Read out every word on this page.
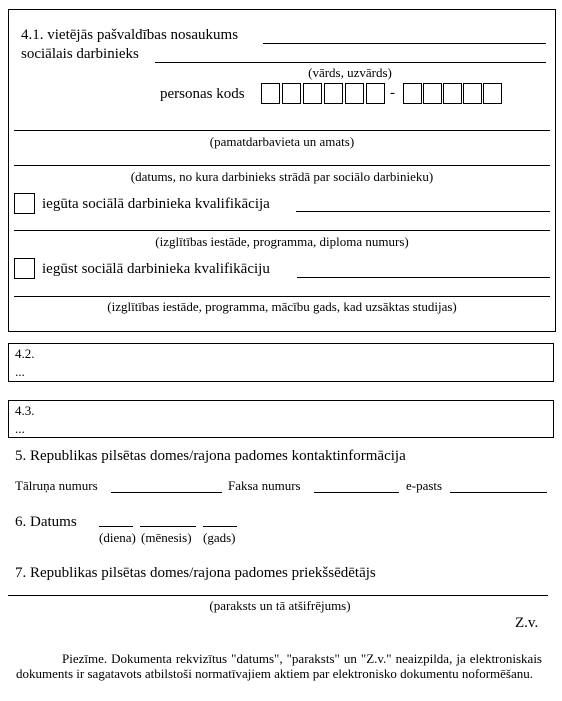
4.1. vietējās pašvaldības nosaukums
sociālais darbinieks
(vārds, uzvārds)
personas kods	-
(pamatdarbavieta un amats)
(datums, no kura darbinieks strādā par sociālo darbinieku)
iegūta sociālā darbinieka kvalifikācija
(izglītības iestāde, programma, diploma numurs)
iegūst sociālā darbinieka kvalifikāciju
(izglītības iestāde, programma, mācību gads, kad uzsāktas studijas)
4.2.
...
4.3.
...
5. Republikas pilsētas domes/rajona padomes kontaktinformācija
Tālruņa numurs	Faksa numurs	e-pasts
6. Datums
(diena) (mēnesis) (gads)
7. Republikas pilsētas domes/rajona padomes priekšsēdētājs
(paraksts un tā atšifrējums)
Z.v.
Piezīme. Dokumenta rekvizītus "datums", "paraksts" un "Z.v." neaizpilda, ja elektroniskais dokuments ir sagatavots atbilstoši normatīvajiem aktiem par elektronisko dokumentu noformēšanu.
